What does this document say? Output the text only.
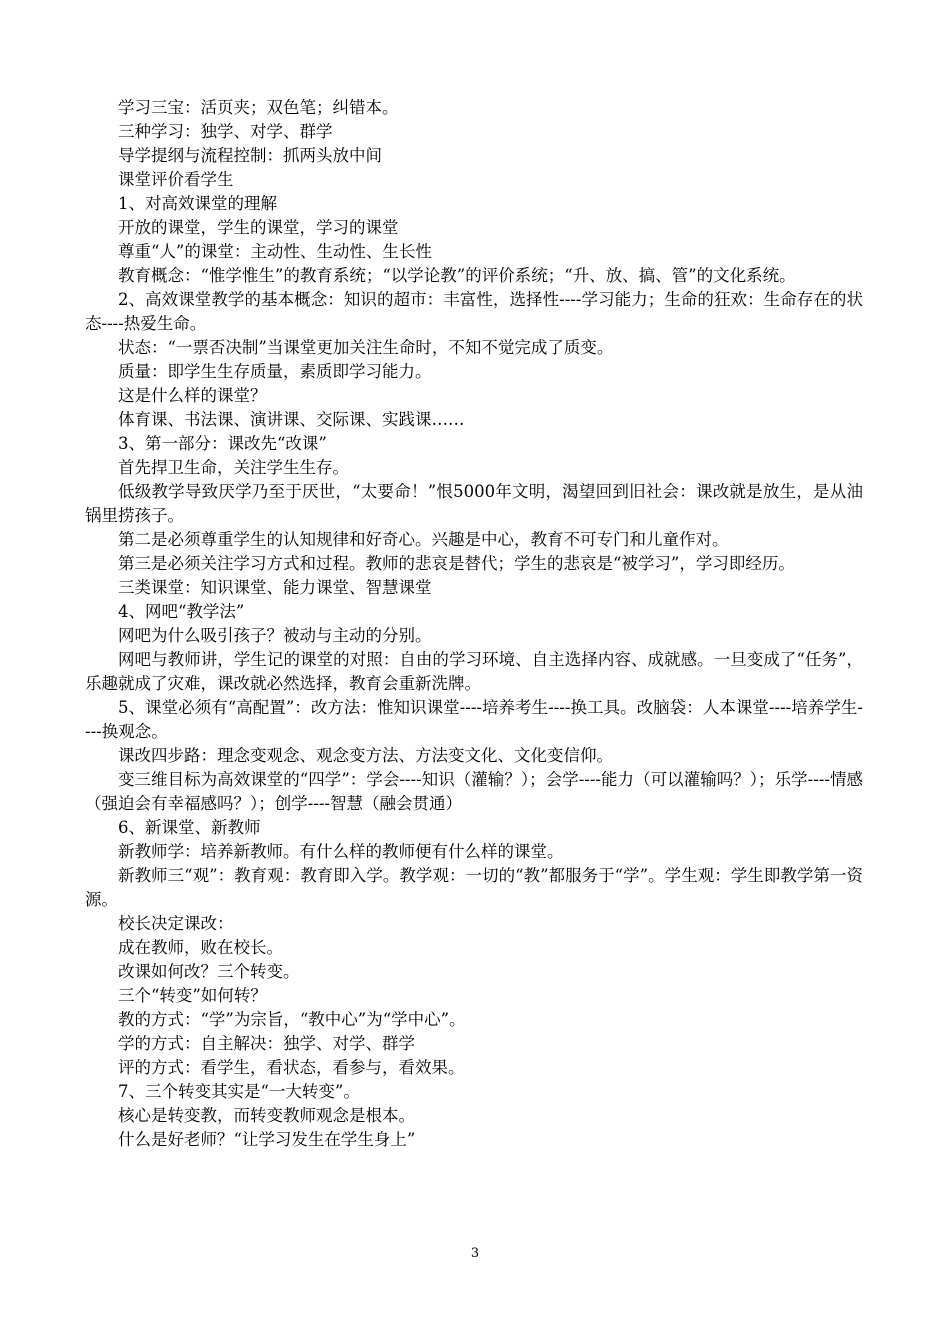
学习三宝：活页夹；双色笔；纠错本。

三种学习：独学、对学、群学

导学提纲与流程控制：抓两头放中间

课堂评价看学生

1、对高效课堂的理解

开放的课堂，学生的课堂，学习的课堂

尊重“人”的课堂：主动性、生动性、生长性

教育概念：“惟学惟生”的教育系统；“以学论教”的评价系统；“升、放、搞、管”的文化系统。

2、高效课堂教学的基本概念：知识的超市：丰富性，选择性----学习能力；生命的狂欢：生命存在的状态----热爱生命。

状态：“一票否决制”当课堂更加关注生命时，不知不觉完成了质变。

质量：即学生生存质量，素质即学习能力。

这是什么样的课堂？

体育课、书法课、演讲课、交际课、实践课……

3、第一部分：课改先“改课”

首先捍卫生命，关注学生生存。

低级教学导致厌学乃至于厌世，“太要命！”恨5000年文明，渴望回到旧社会：课改就是放生，是从油锅里捞孩子。

第二是必须尊重学生的认知规律和好奇心。兴趣是中心，教育不可专门和儿童作对。

第三是必须关注学习方式和过程。教师的悲哀是替代；学生的悲哀是“被学习”，学习即经历。

三类课堂：知识课堂、能力课堂、智慧课堂

4、网吧“教学法”

网吧为什么吸引孩子？被动与主动的分别。

网吧与教师讲，学生记的课堂的对照：自由的学习环境、自主选择内容、成就感。一旦变成了“任务”，乐趣就成了灾难，课改就必然选择，教育会重新洗牌。

5、课堂必须有“高配置”：改方法：惟知识课堂----培养考生----换工具。改脑袋：人本课堂----培养学生----换观念。

课改四步路：理念变观念、观念变方法、方法变文化、文化变信仰。

变三维目标为高效课堂的“四学”：学会----知识（灌输？）；会学----能力（可以灌输吗？）；乐学----情感（强迫会有幸福感吗？）；创学----智慧（融会贯通）

6、新课堂、新教师

新教师学：培养新教师。有什么样的教师便有什么样的课堂。

新教师三“观”：教育观：教育即入学。教学观：一切的“教”都服务于“学”。学生观：学生即教学第一资源。

校长决定课改：

成在教师，败在校长。

改课如何改？三个转变。

三个“转变”如何转？

教的方式：“学”为宗旨，“教中心”为“学中心”。

学的方式：自主解决：独学、对学、群学

评的方式：看学生，看状态，看参与，看效果。

7、三个转变其实是“一大转变”。

核心是转变教，而转变教师观念是根本。

什么是好老师？“让学习发生在学生身上”

3
